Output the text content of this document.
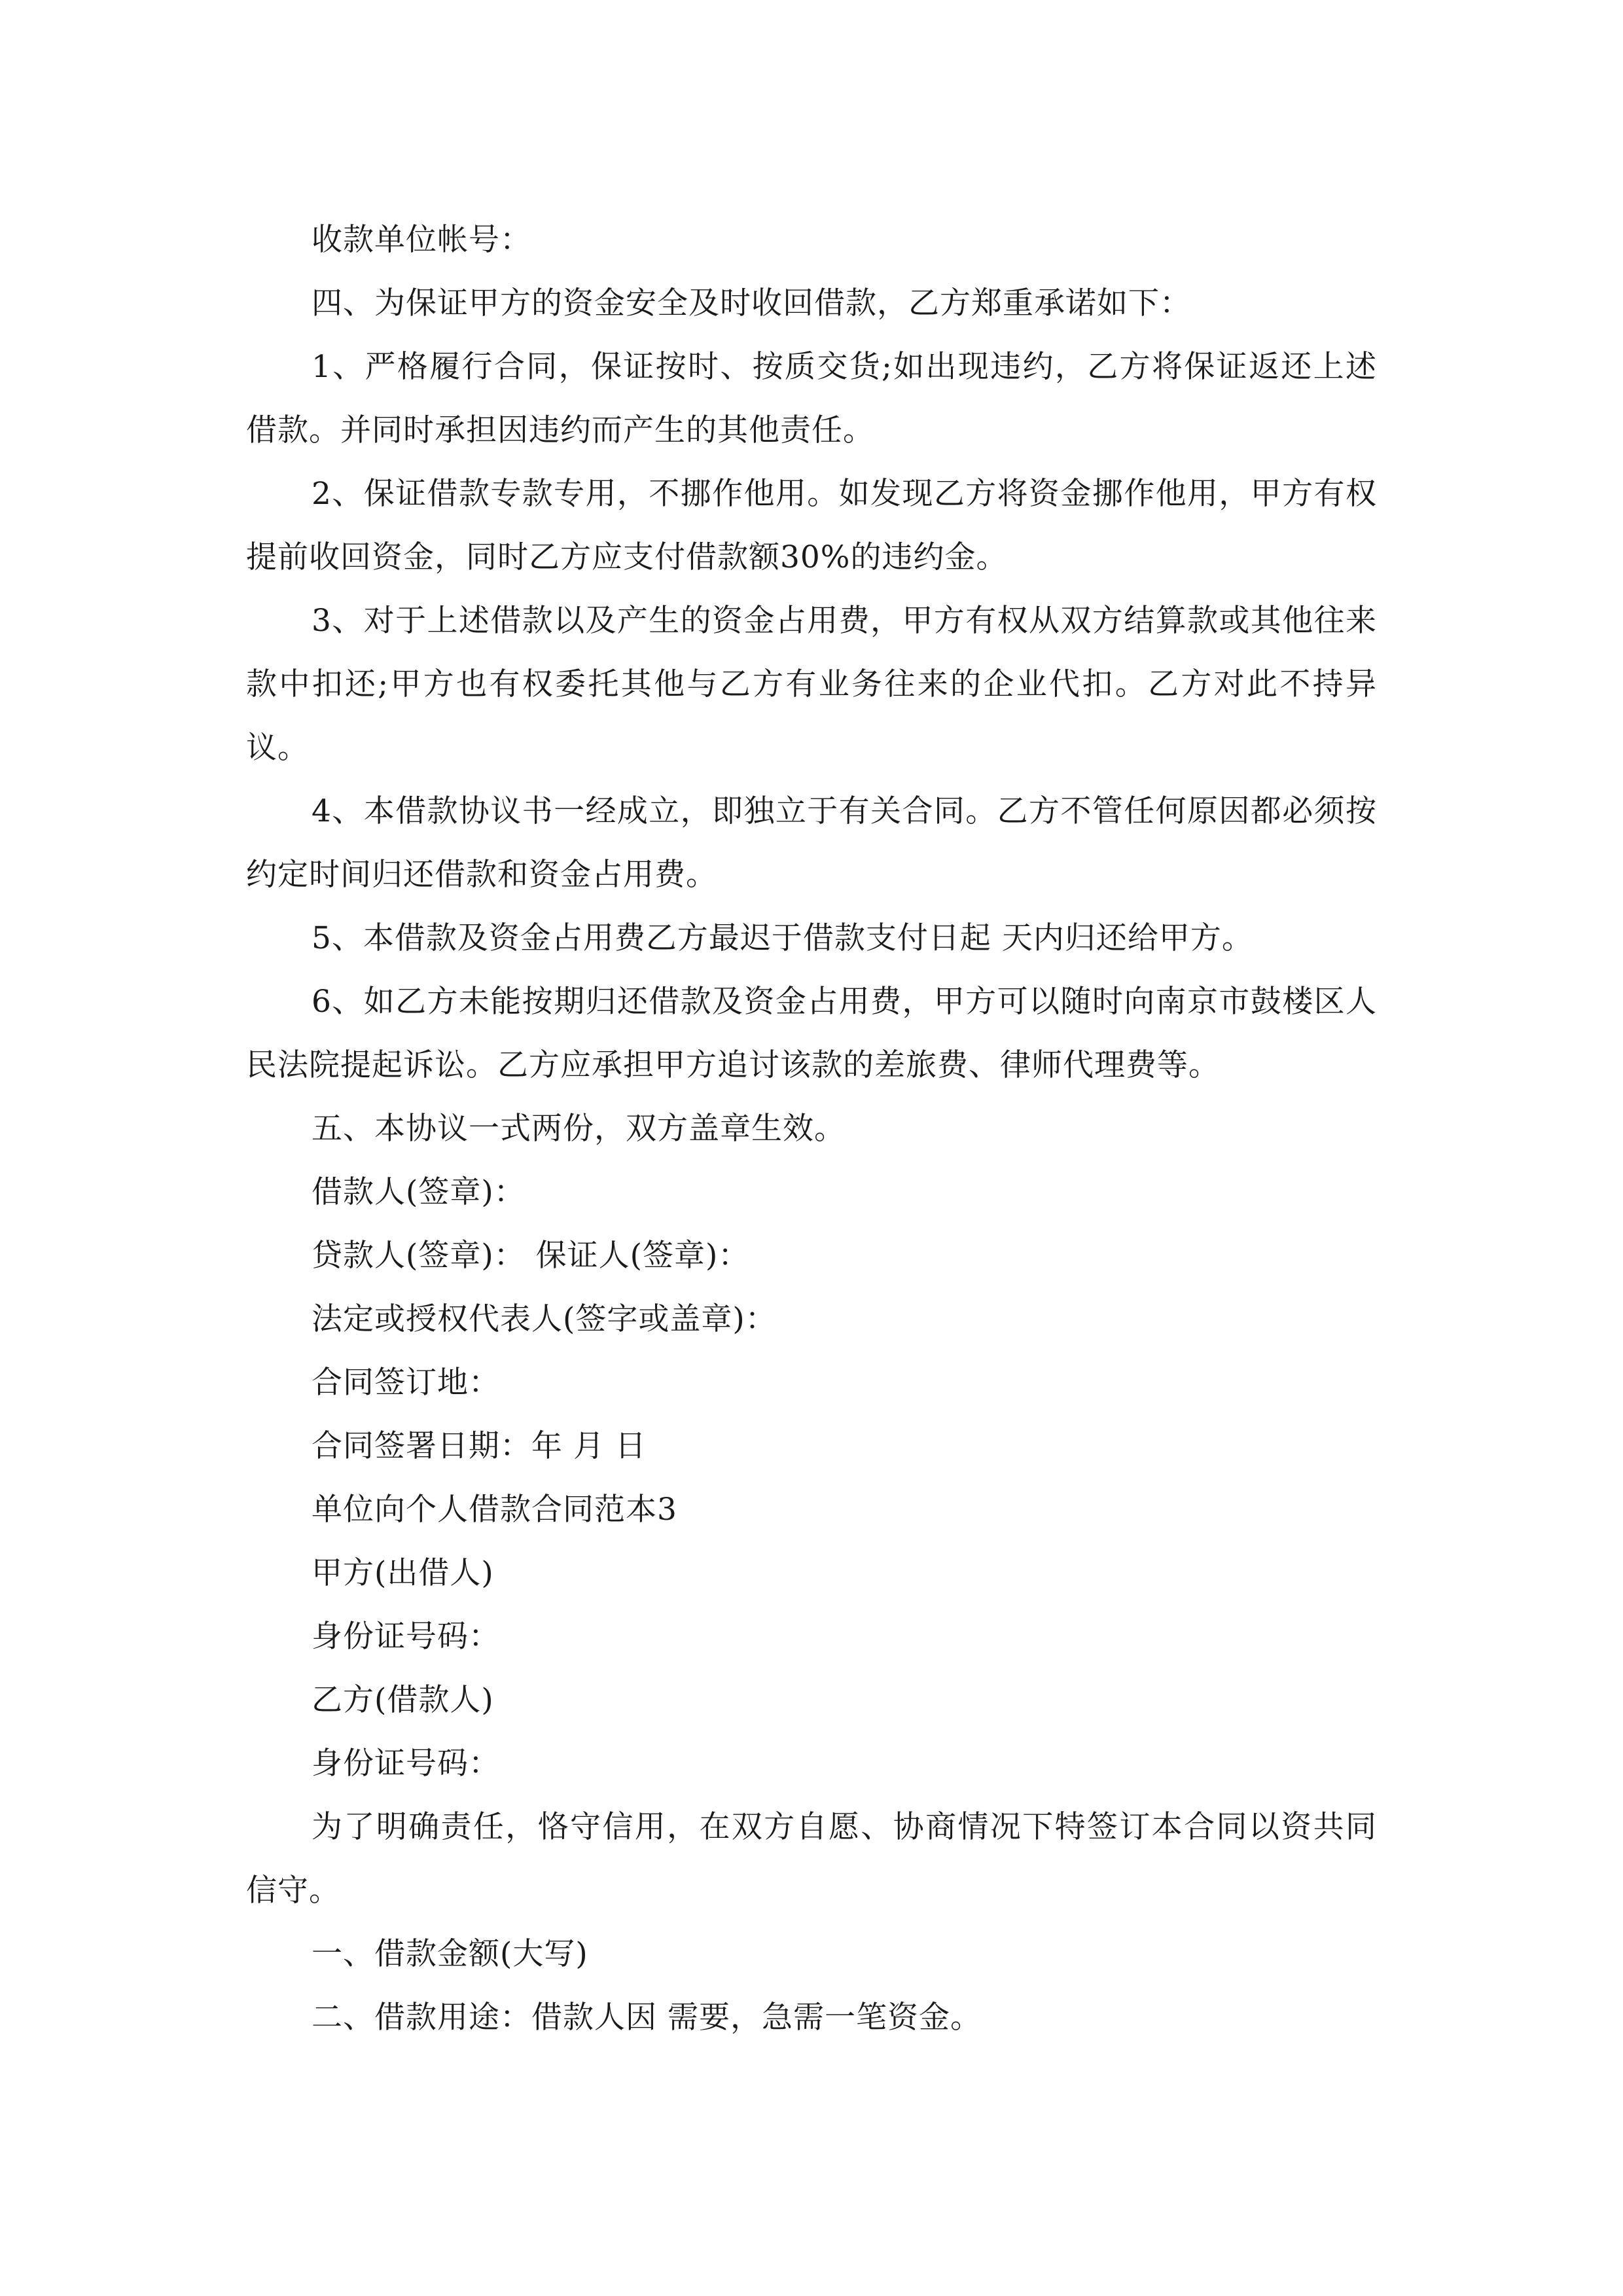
收款单位帐号：

四、为保证甲方的资金安全及时收回借款，乙方郑重承诺如下：

1、严格履行合同，保证按时、按质交货;如出现违约，乙方将保证返还上述借款。并同时承担因违约而产生的其他责任。

2、保证借款专款专用，不挪作他用。如发现乙方将资金挪作他用，甲方有权提前收回资金，同时乙方应支付借款额30%的违约金。

3、对于上述借款以及产生的资金占用费，甲方有权从双方结算款或其他往来款中扣还;甲方也有权委托其他与乙方有业务往来的企业代扣。乙方对此不持异议。

4、本借款协议书一经成立，即独立于有关合同。乙方不管任何原因都必须按约定时间归还借款和资金占用费。

5、本借款及资金占用费乙方最迟于借款支付日起 天内归还给甲方。

6、如乙方未能按期归还借款及资金占用费，甲方可以随时向南京市鼓楼区人民法院提起诉讼。乙方应承担甲方追讨该款的差旅费、律师代理费等。

五、本协议一式两份，双方盖章生效。

借款人(签章)：

贷款人(签章)： 保证人(签章)：

法定或授权代表人(签字或盖章)：

合同签订地：

合同签署日期：年 月 日

单位向个人借款合同范本3

甲方(出借人)

身份证号码：

乙方(借款人)

身份证号码：

为了明确责任，恪守信用，在双方自愿、协商情况下特签订本合同以资共同信守。

一、借款金额(大写)

二、借款用途：借款人因 需要，急需一笔资金。
